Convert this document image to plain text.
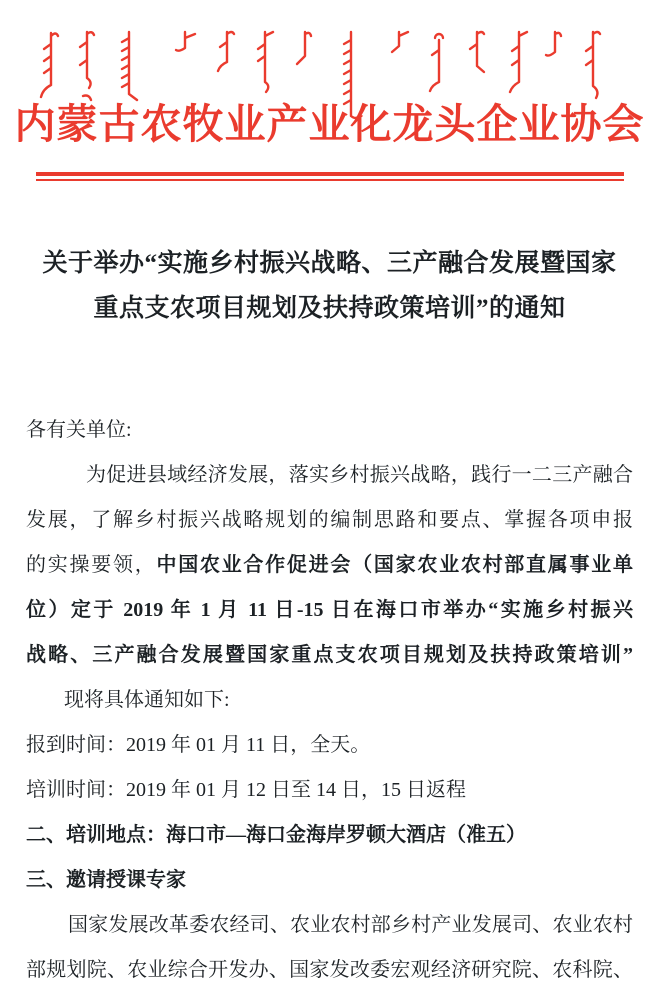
内蒙古农牧业产业化龙头企业协会
关于举办“实施乡村振兴战略、三产融合发展暨国家
重点支农项目规划及扶持政策培训”的通知
各有关单位:
为促进县域经济发展，落实乡村振兴战略，践行一二三产融合
发展，了解乡村振兴战略规划的编制思路和要点、掌握各项申报
的实操要领，中国农业合作促进会（国家农业农村部直属事业单
位）定于 2019 年 1 月 11 日-15 日在海口市举办“实施乡村振兴
战略、三产融合发展暨国家重点支农项目规划及扶持政策培训”
现将具体通知如下:
报到时间：2019 年 01 月 11 日，全天。
培训时间：2019 年 01 月 12 日至 14 日，15 日返程
二、培训地点：海口市—海口金海岸罗顿大酒店（准五）
三、邀请授课专家
国家发展改革委农经司、农业农村部乡村产业发展司、农业农村
部规划院、农业综合开发办、国家发改委宏观经济研究院、农科院、
